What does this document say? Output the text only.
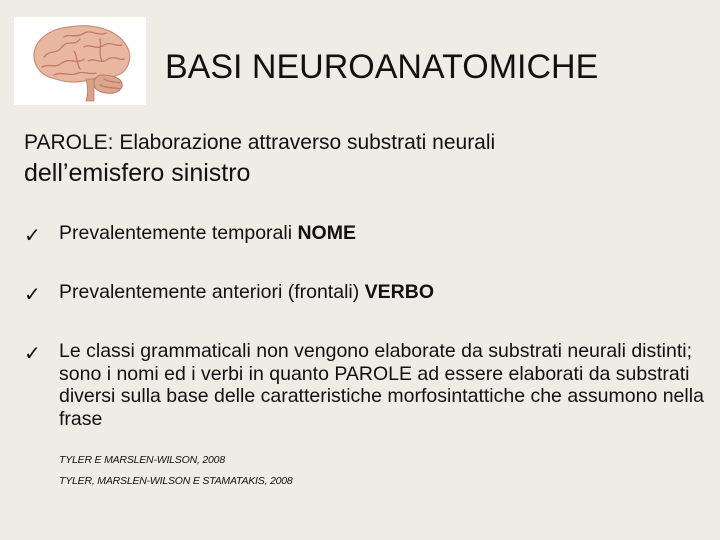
BASI NEUROANATOMICHE
PAROLE: Elaborazione attraverso substrati neurali
dell’emisfero sinistro
✓ Prevalentemente temporali NOME
✓ Prevalentemente anteriori (frontali) VERBO
✓ Le classi grammaticali non vengono elaborate da substrati neurali distinti; sono i nomi ed i verbi in quanto PAROLE ad essere elaborati da substrati diversi sulla base delle caratteristiche morfosintattiche che assumono nella frase
TYLER E MARSLEN-WILSON, 2008
TYLER, MARSLEN-WILSON E STAMATAKIS, 2008
